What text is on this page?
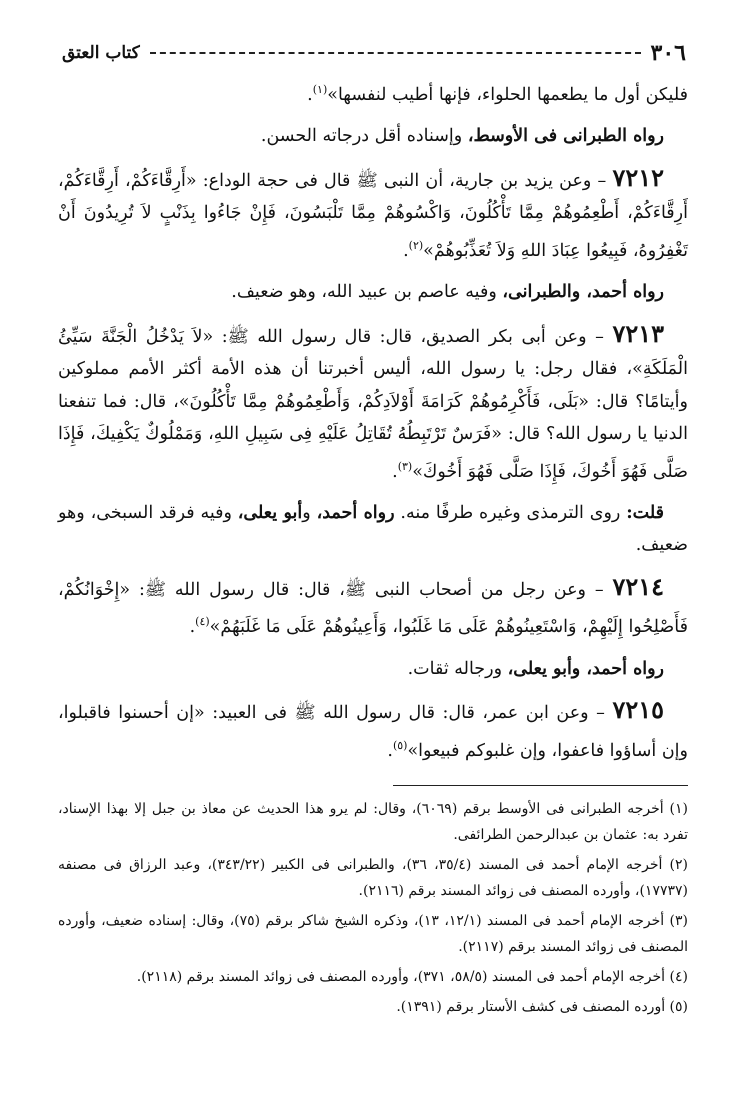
٣٠٦
كتاب العتق

فليكن أول ما يطعمها الحلواء، فإنها أطيب لنفسها»$^{(١)}$.

رواه الطبرانى فى الأوسط، وإسناده أقل درجاته الحسن.

٧٢١٢ – وعن يزيد بن جارية، أن النبى ﷺ قال فى حجة الوداع: «أَرِقَّاءَكُمْ، أَرِقَّاءَكُمْ، أَرِقَّاءَكُمْ، أَطْعِمُوهُمْ مِمَّا تَأْكُلُونَ، وَاكْسُوهُمْ مِمَّا تَلْبَسُونَ، فَإِنْ جَاءُوا بِذَنْبٍ لاَ تُرِيدُونَ أَنْ تَغْفِرُوهُ، فَبِيعُوا عِبَادَ اللهِ وَلاَ تُعَذِّبُوهُمْ»$^{(٢)}$.

رواه أحمد، والطبرانى، وفيه عاصم بن عبيد الله، وهو ضعيف.

٧٢١٣ – وعن أبى بكر الصديق، قال: قال رسول الله ﷺ: «لاَ يَدْخُلُ الْجَنَّةَ سَيِّئُ الْمَلَكَةِ»، فقال رجل: يا رسول الله، أليس أخبرتنا أن هذه الأمة أكثر الأمم مملوكين وأيتامًا؟ قال: «بَلَى، فَأَكْرِمُوهُمْ كَرَامَةَ أَوْلاَدِكُمْ، وَأَطْعِمُوهُمْ مِمَّا تَأْكُلُونَ»، قال: فما تنفعنا الدنيا يا رسول الله؟ قال: «فَرَسٌ تَرْتَبِطُهُ تُقَاتِلُ عَلَيْهِ فِى سَبِيلِ اللهِ، وَمَمْلُوكٌ يَكْفِيكَ، فَإِذَا صَلَّى فَهُوَ أَخُوكَ، فَإِذَا صَلَّى فَهُوَ أَخُوكَ»$^{(٣)}$.

قلت: روى الترمذى وغيره طرفًا منه. رواه أحمد، وأبو يعلى، وفيه فرقد السبخى، وهو ضعيف.

٧٢١٤ – وعن رجل من أصحاب النبى ﷺ، قال: قال رسول الله ﷺ: «إِخْوَانُكُمْ، فَأَصْلِحُوا إِلَيْهِمْ، وَاسْتَعِينُوهُمْ عَلَى مَا غَلَبُوا، وَأَعِينُوهُمْ عَلَى مَا غَلَبَهُمْ»$^{(٤)}$.

رواه أحمد، وأبو يعلى، ورجاله ثقات.

٧٢١٥ – وعن ابن عمر، قال: قال رسول الله ﷺ فى العبيد: «إن أحسنوا فاقبلوا، وإن أساؤوا فاعفوا، وإن غلبوكم فبيعوا»$^{(٥)}$.

(١) أخرجه الطبرانى فى الأوسط برقم (٦٠٦٩)، وقال: لم يرو هذا الحديث عن معاذ بن جبل إلا بهذا الإسناد، تفرد به: عثمان بن عبدالرحمن الطرائفى.

(٢) أخرجه الإمام أحمد فى المسند (٣٥/٤، ٣٦)، والطبرانى فى الكبير (٣٤٣/٢٢)، وعبد الرزاق فى مصنفه (١٧٧٣٧)، وأورده المصنف فى زوائد المسند برقم (٢١١٦).

(٣) أخرجه الإمام أحمد فى المسند (١٢/١، ١٣)، وذكره الشيخ شاكر برقم (٧٥)، وقال: إسناده ضعيف، وأورده المصنف فى زوائد المسند برقم (٢١١٧).

(٤) أخرجه الإمام أحمد فى المسند (٥٨/٥، ٣٧١)، وأورده المصنف فى زوائد المسند برقم (٢١١٨).

(٥) أورده المصنف فى كشف الأستار برقم (١٣٩١).
